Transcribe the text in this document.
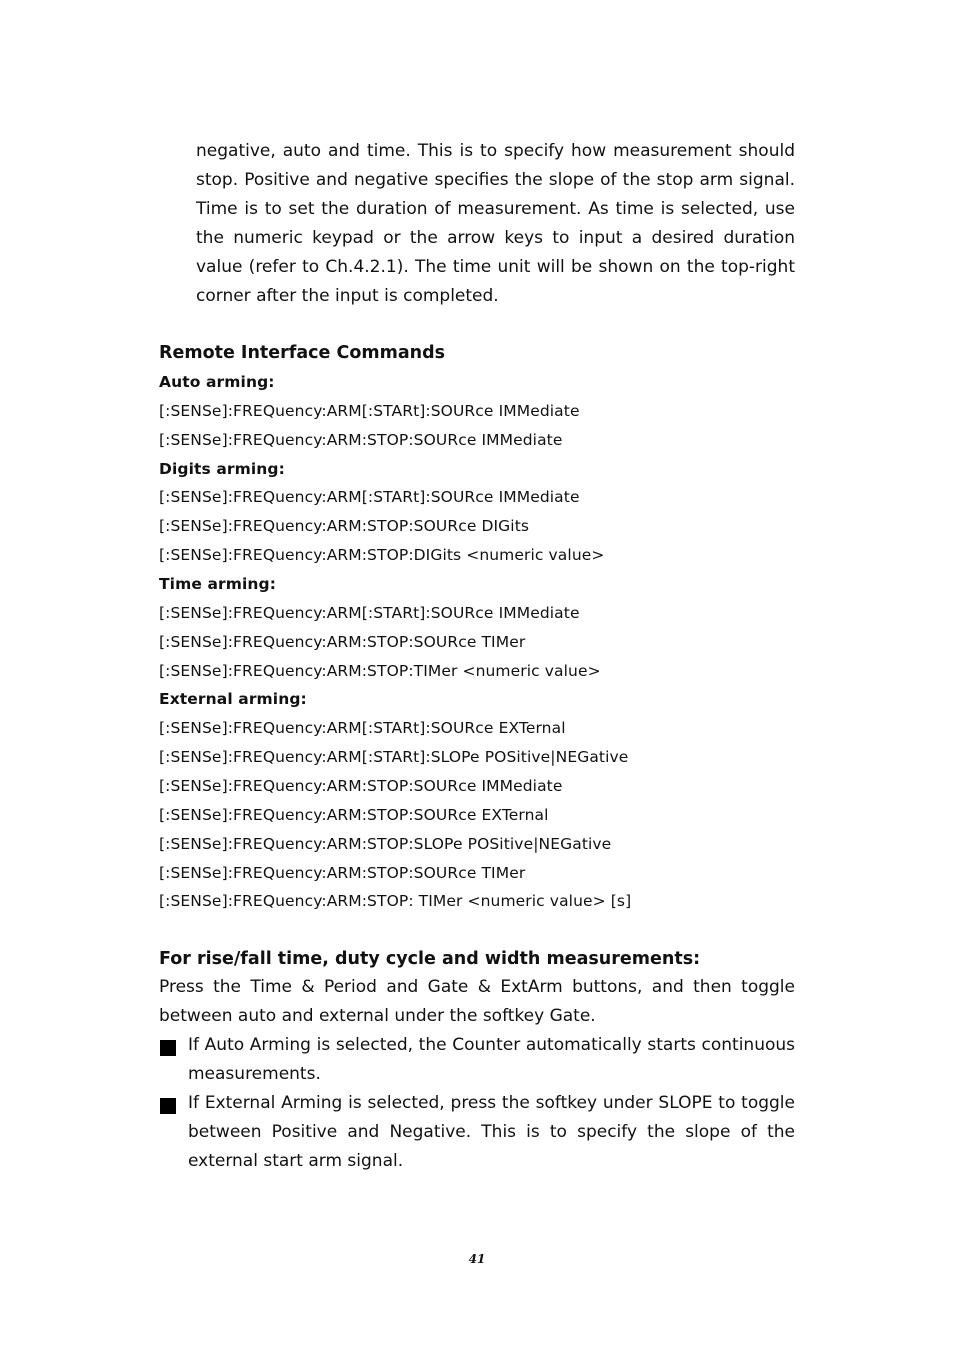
negative, auto and time. This is to specify how measurement should stop. Positive and negative specifies the slope of the stop arm signal. Time is to set the duration of measurement. As time is selected, use the numeric keypad or the arrow keys to input a desired duration value (refer to Ch.4.2.1). The time unit will be shown on the top-right corner after the input is completed.

Remote Interface Commands
Auto arming:
[:SENSe]:FREQuency:ARM[:STARt]:SOURce IMMediate
[:SENSe]:FREQuency:ARM:STOP:SOURce IMMediate
Digits arming:
[:SENSe]:FREQuency:ARM[:STARt]:SOURce IMMediate
[:SENSe]:FREQuency:ARM:STOP:SOURce DIGits
[:SENSe]:FREQuency:ARM:STOP:DIGits <numeric value>
Time arming:
[:SENSe]:FREQuency:ARM[:STARt]:SOURce IMMediate
[:SENSe]:FREQuency:ARM:STOP:SOURce TIMer
[:SENSe]:FREQuency:ARM:STOP:TIMer <numeric value>
External arming:
[:SENSe]:FREQuency:ARM[:STARt]:SOURce EXTernal
[:SENSe]:FREQuency:ARM[:STARt]:SLOPe POSitive|NEGative
[:SENSe]:FREQuency:ARM:STOP:SOURce IMMediate
[:SENSe]:FREQuency:ARM:STOP:SOURce EXTernal
[:SENSe]:FREQuency:ARM:STOP:SLOPe POSitive|NEGative
[:SENSe]:FREQuency:ARM:STOP:SOURce TIMer
[:SENSe]:FREQuency:ARM:STOP: TIMer <numeric value> [s]
For rise/fall time, duty cycle and width measurements:

Press the Time & Period and Gate & ExtArm buttons, and then toggle between auto and external under the softkey Gate.

If Auto Arming is selected, the Counter automatically starts continuous measurements.
If External Arming is selected, press the softkey under SLOPE to toggle between Positive and Negative. This is to specify the slope of the external start arm signal.
41
